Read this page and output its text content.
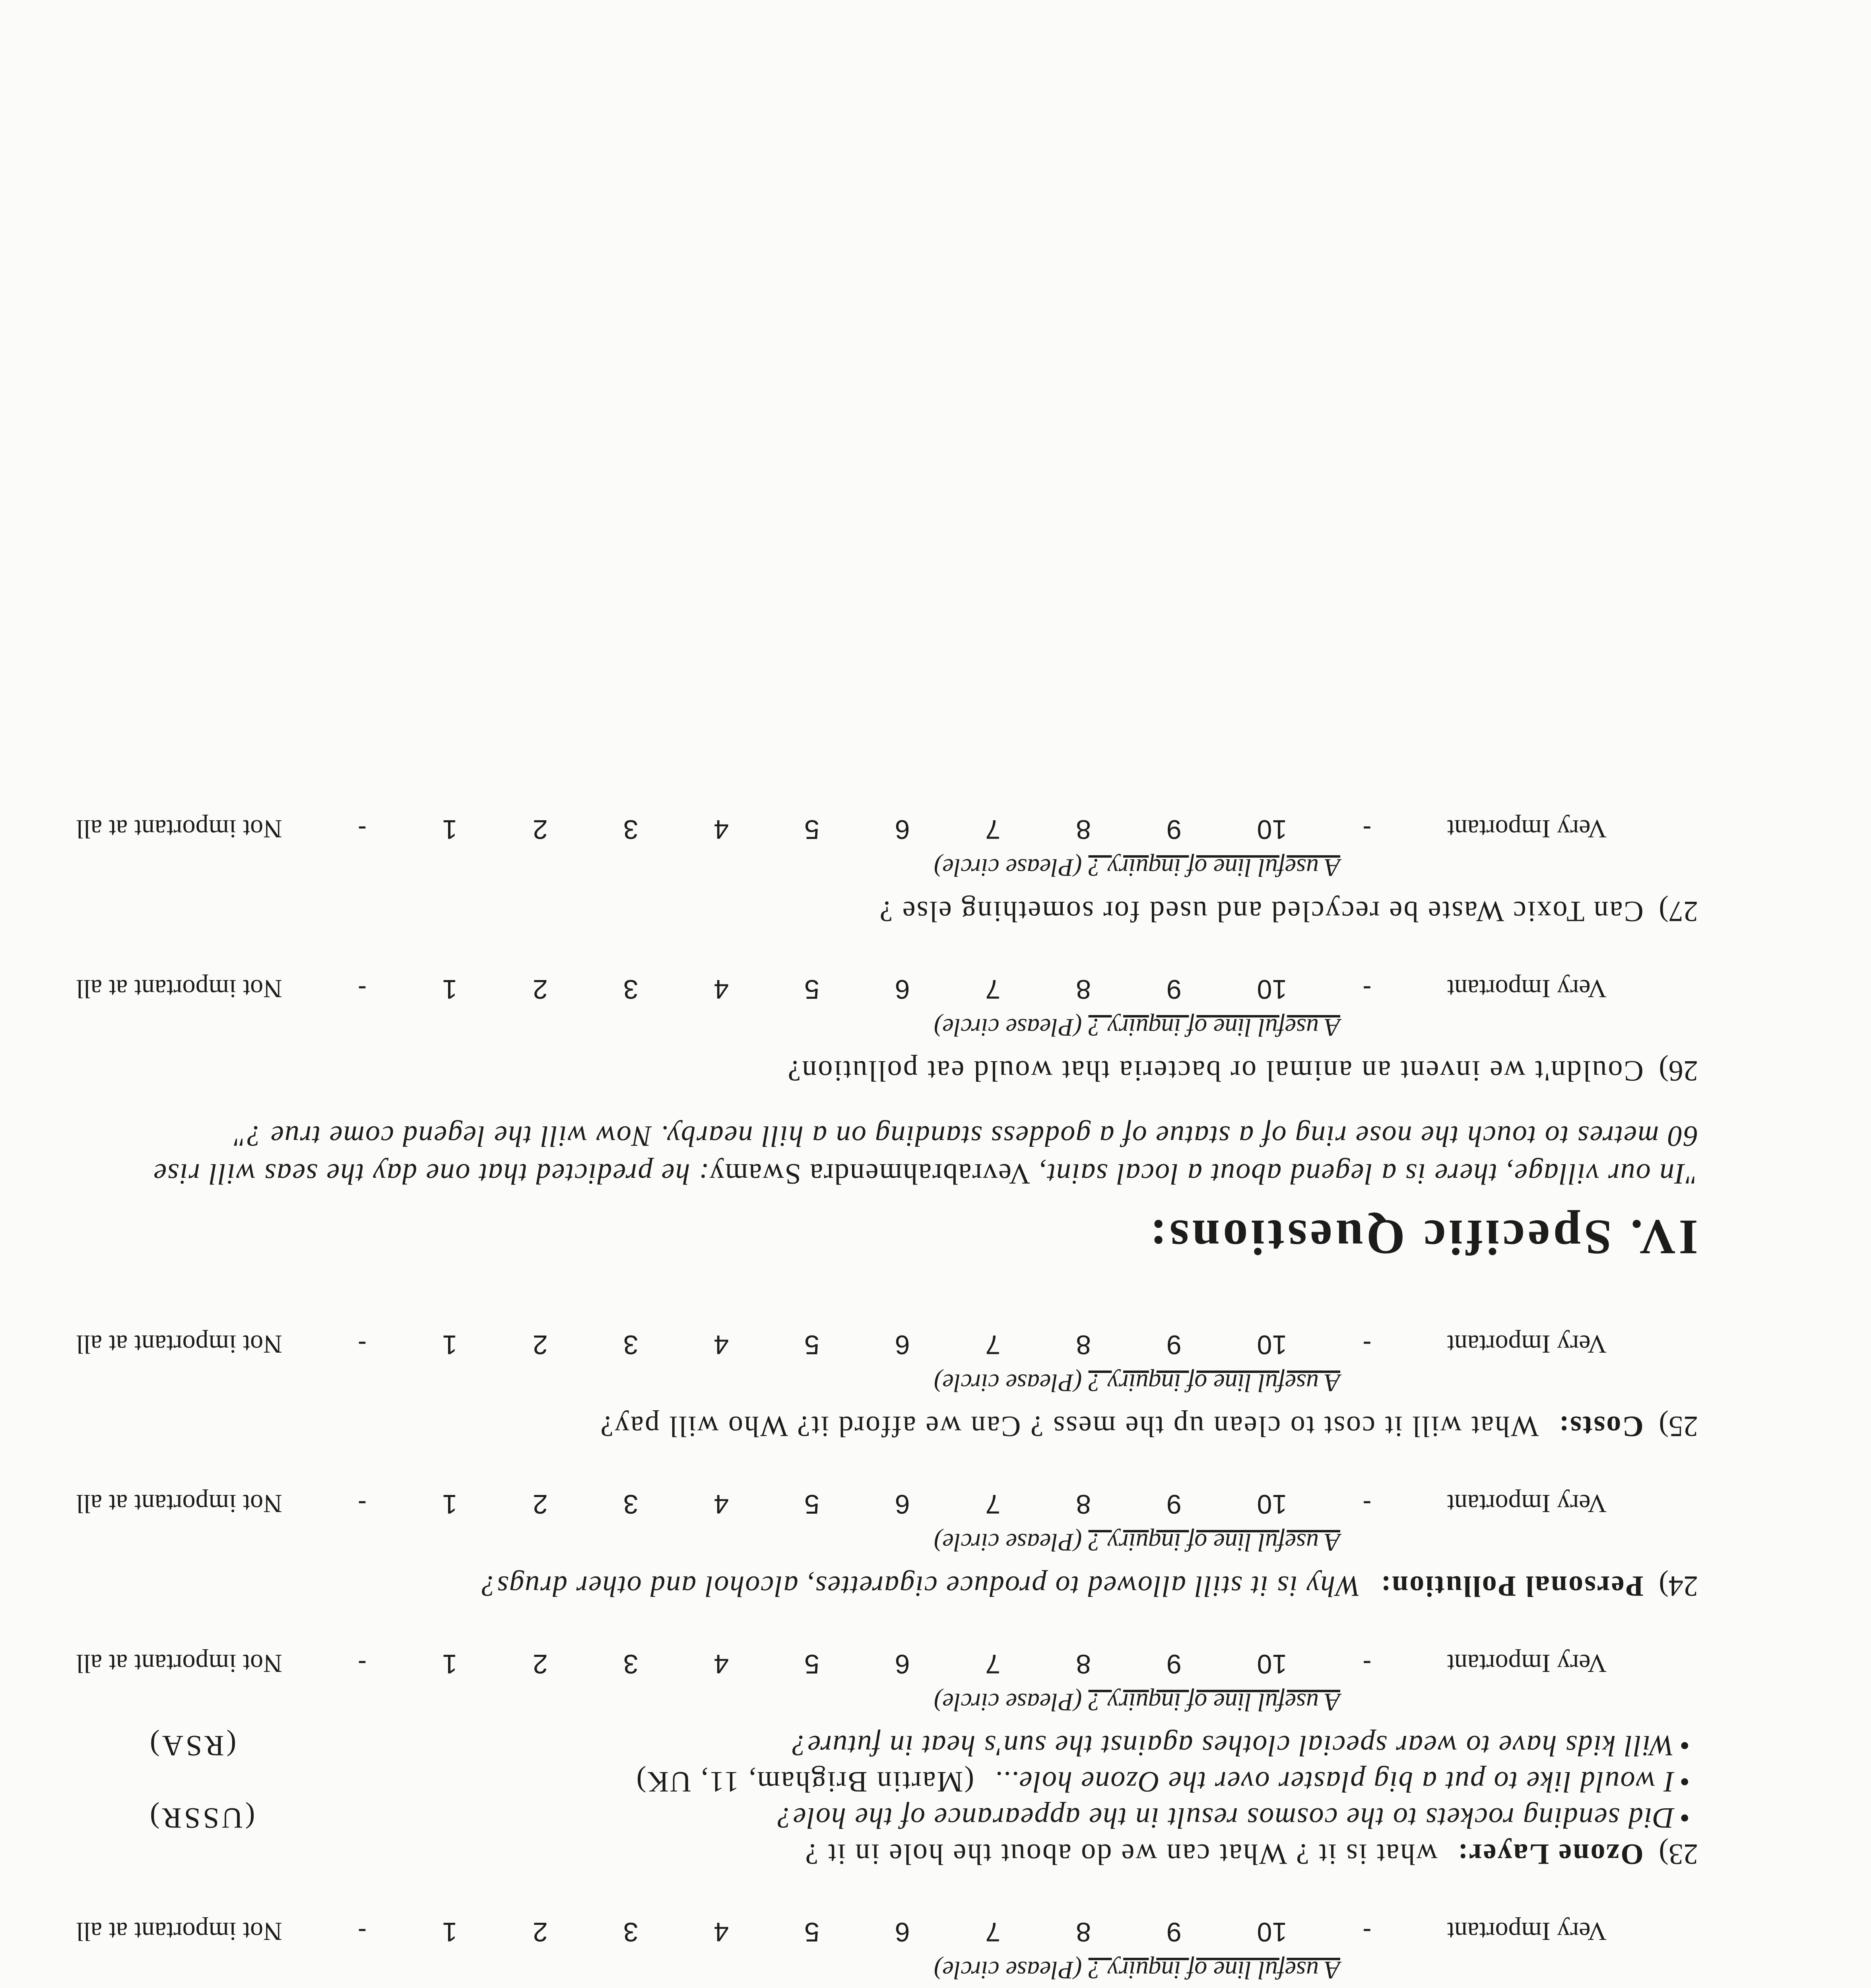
A useful line of inquiry ? (Please circle)
Very Important
-
10
9
8
7
6
5
4
3
2
1
-
Not important at all
23) Ozone Layer: what is it ? What can we do about the hole in it ?
• Did sending rockets to the cosmos result in the appearance of the hole?
(USSR)
• I would like to put a big plaster over the Ozone hole...(Martin Brigham, 11, UK)
• Will kids have to wear special clothes against the sun's heat in future?
(RSA)
A useful line of inquiry ? (Please circle)
Very Important
-
10
9
8
7
6
5
4
3
2
1
-
Not important at all
24) Personal Pollution: Why is it still allowed to produce cigarettes, alcohol and other drugs?
A useful line of inquiry ? (Please circle)
Very Important
-
10
9
8
7
6
5
4
3
2
1
-
Not important at all
25) Costs: What will it cost to clean up the mess ? Can we afford it? Who will pay?
A useful line of inquiry ? (Please circle)
Very Important
-
10
9
8
7
6
5
4
3
2
1
-
Not important at all
IV. Specific Questions:
"In our village, there is a legend about a local saint, Vevrabrahmendra Swamy: he predicted that one day the seas will rise 60 metres to touch the nose ring of a statue of a goddess standing on a hill nearby. Now will the legend come true ?"
26) Couldn't we invent an animal or bacteria that would eat pollution?
A useful line of inquiry ? (Please circle)
Very Important
-
10
9
8
7
6
5
4
3
2
1
-
Not important at all
27) Can Toxic Waste be recycled and used for something else ?
A useful line of inquiry ? (Please circle)
Very Important
-
10
9
8
7
6
5
4
3
2
1
-
Not important at all
